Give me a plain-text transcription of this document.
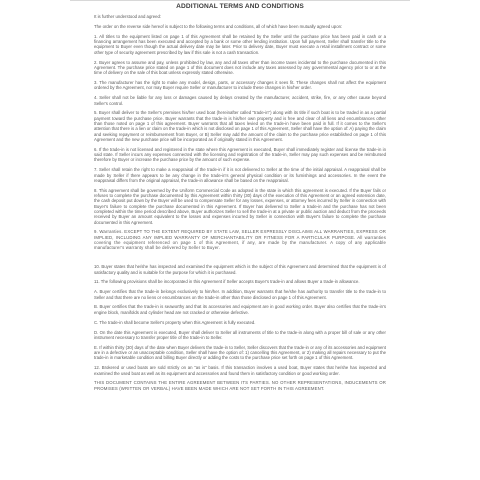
ADDITIONAL TERMS AND CONDITIONS

It is further understood and agreed:

The order on the reverse side hereof is subject to the following terms and conditions, all of which have been mutually agreed upon:

1. All titles to the equipment listed on page 1 of this Agreement shall be retained by the Seller until the purchase price has been paid in cash or a financing arrangement has been executed and accepted by a bank or some other lending institution. Upon full payment, Seller shall transfer title to the equipment to Buyer even though the actual delivery date may be later. Prior to delivery date, Buyer must execute a retail installment contract or some other type of security agreement prescribed by law if this sale is not a cash transaction.

2. Buyer agrees to assume and pay, unless prohibited by law, any and all taxes other than income taxes incidental to the purchase documented in this Agreement. The purchase price stated on page 1 of this document does not include any taxes assessed by any governmental agency prior to or at the time of delivery on the sale of this boat unless expressly stated otherwise.

3. The manufacturer has the right to make any model, design, parts, or accessory changes it sees fit. These changes shall not affect the equipment ordered by the Agreement, nor may Buyer require Seller or manufacturer to include these changes in his/her order.

4. Seller shall not be liable for any loss or damages caused by delays created by the manufacturer, accident, strike, fire, or any other cause beyond Seller's control.

5. Buyer shall deliver to the Seller's premises his/her used boat (hereinafter called "trade-in") along with its title if such boat is to be traded in as a partial payment toward the purchase price. Buyer warrants that the trade-in is his/her own property and is free and clear of all liens and encumbrances other than those noted on page 1 of this agreement. Buyer warrants that all taxes levied on the trade-in have been paid in full. If it comes to the Seller's attention that there is a lien or claim on the trade-in which is not disclosed on page 1 of this Agreement, Seller shall have the option of: A) paying the claim and seeking repayment or reimbursement from Buyer, or B) Seller may add the amount of the claim to the purchase price established on page 1 of this Agreement and the new purchase price will be incorporated as if originally stated in this Agreement.

6. If the trade-in is not licensed and registered in the state where this Agreement is executed, Buyer shall immediately register and license the trade-in in said state. If Seller incurs any expenses connected with the licensing and registration of the trade-in, Seller may pay such expenses and be reimbursed therefore by Buyer or increase the purchase price by the amount of such expense.

7. Seller shall retain the right to make a reappraisal of the trade-in if it is not delivered to Seller at the time of the initial appraisal. A reappraisal shall be made by Seller if there appears to be any change in the trade-in's general physical condition or its furnishings and accessories. In the event the reappraisal differs from the original appraisal, the trade-in allowance shall be based on the reappraisal.

8. This agreement shall be governed by the Uniform Commercial Code as adopted in the state in which this agreement is executed. If the Buyer fails or refuses to complete the purchase documented by this Agreement within thirty (30) days of the execution of this Agreement or an agreed extension date, the cash deposit put down by the Buyer will be used to compensate Seller for any losses, expenses, or attorney fees incurred by Seller in connection with Buyer's failure to complete the purchase documented in this Agreement. If Buyer has delivered to Seller a trade-in and the purchase has not been completed within the time period described above, Buyer authorizes Seller to sell the trade-in at a private or public auction and deduct from the proceeds received by Buyer an amount equivalent to the losses and expenses incurred by Seller in connection with Buyer's failure to complete the purchase documented in this Agreement.

9. Warranties. EXCEPT TO THE EXTENT REQUIRED BY STATE LAW, SELLER EXPRESSLY DISCLAIMS ALL WARRANTIES, EXPRESS OR IMPLIED, INCLUDING ANY IMPLIED WARRANTY OF MERCHANTABILITY OR FITNESS FOR A PARTICULAR PURPOSE. All warranties covering the equipment referenced on page 1 of this Agreement, if any, are made by the manufacturer. A copy of any applicable manufacturer's warranty shall be delivered by Seller to Buyer.

10. Buyer states that he/she has inspected and examined the equipment which is the subject of this Agreement and determined that the equipment is of satisfactory quality and is suitable for the purpose for which it is purchased.

11. The following provisions shall be incorporated in this Agreement if Seller accepts Buyer's trade-in and allows Buyer a trade-in allowance.

A. Buyer certifies that the trade-in belongs exclusively to him/her. In addition, Buyer warrants that he/she has authority to transfer title to the trade-in to Seller and that there are no liens or encumbrances on the trade-in other than those disclosed on page 1 of this Agreement.

B. Buyer certifies that the trade-in is seaworthy and that its accessories and equipment are in good working order. Buyer also certifies that the trade-in's engine block, manifolds and cylinder head are not cracked or otherwise defective.

C. The trade-in shall become Seller's property when this Agreement is fully executed.

D. On the date this Agreement is executed, Buyer shall deliver to Seller all instruments of title to the trade-in along with a proper bill of sale or any other instrument necessary to transfer proper title of the trade-in to Seller.

E. If within thirty (30) days of the date when Buyer delivers the trade-in to Seller, Seller discovers that the trade-in or any of its accessories and equipment are in a defective or an unacceptable condition, Seller shall have the option of: 1) cancelling this Agreement, or 2) making all repairs necessary to put the trade-in in marketable condition and billing Buyer directly or adding the costs to the purchase price set forth on page 1 of this Agreement.

12. Brokered or used boats are sold strictly on an "as is" basis. If this transaction involves a used boat, Buyer states that he/she has inspected and examined the used boat as well as its equipment and accessories and found them in satisfactory condition or good working order.

THIS DOCUMENT CONTAINS THE ENTIRE AGREEMENT BETWEEN ITS PARTIES. NO OTHER REPRESENTATIONS, INDUCEMENTS OR PROMISES (WRITTEN OR VERBAL) HAVE BEEN MADE WHICH ARE NOT SET FORTH IN THIS AGREEMENT.
